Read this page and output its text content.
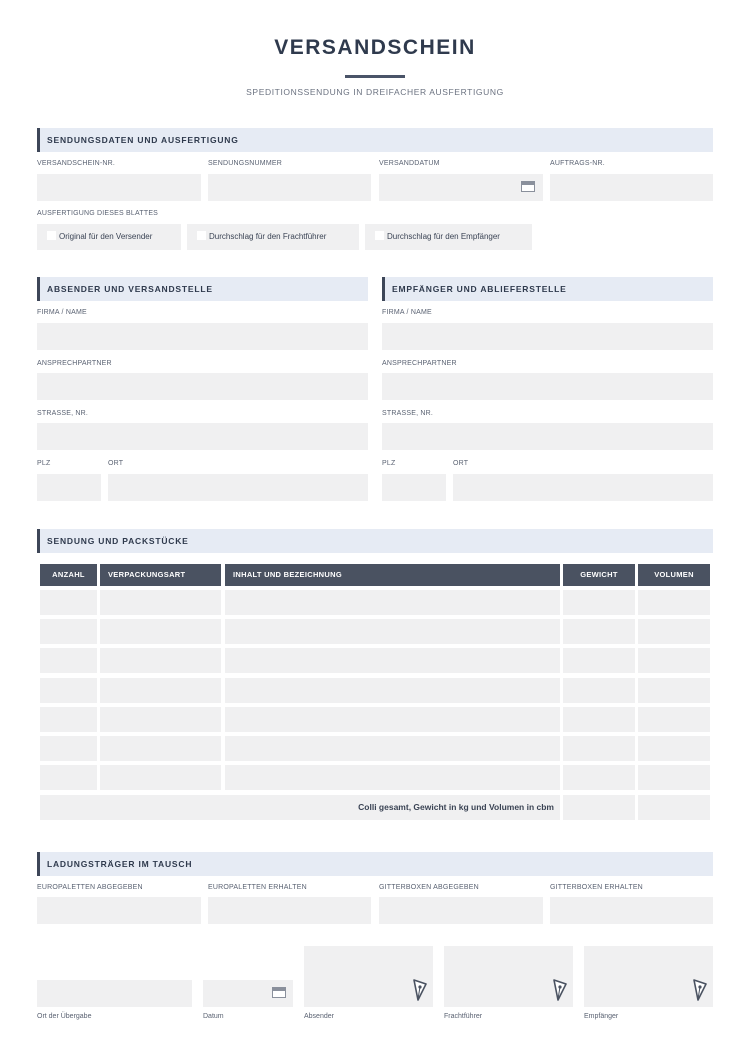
VERSANDSCHEIN
SPEDITIONSSENDUNG IN DREIFACHER AUSFERTIGUNG
SENDUNGSDATEN UND AUSFERTIGUNG
VERSANDSCHEIN-NR.	SENDUNGSNUMMER	VERSANDDATUM	AUFTRAGS-NR.
AUSFERTIGUNG DIESES BLATTES
Original für den Versender	Durchschlag für den Frachtführer	Durchschlag für den Empfänger
ABSENDER UND VERSANDSTELLE
FIRMA / NAME
ANSPRECHPARTNER
STRASSE, NR.
PLZ	ORT
EMPFÄNGER UND ABLIEFERSTELLE
FIRMA / NAME
ANSPRECHPARTNER
STRASSE, NR.
PLZ	ORT
SENDUNG UND PACKSTÜCKE
ANZAHL	VERPACKUNGSART	INHALT UND BEZEICHNUNG	GEWICHT	VOLUMEN
Colli gesamt, Gewicht in kg und Volumen in cbm
LADUNGSTRÄGER IM TAUSCH
EUROPALETTEN ABGEGEBEN	EUROPALETTEN ERHALTEN	GITTERBOXEN ABGEGEBEN	GITTERBOXEN ERHALTEN
Ort der Übergabe	Datum	Absender	Frachtführer	Empfänger
